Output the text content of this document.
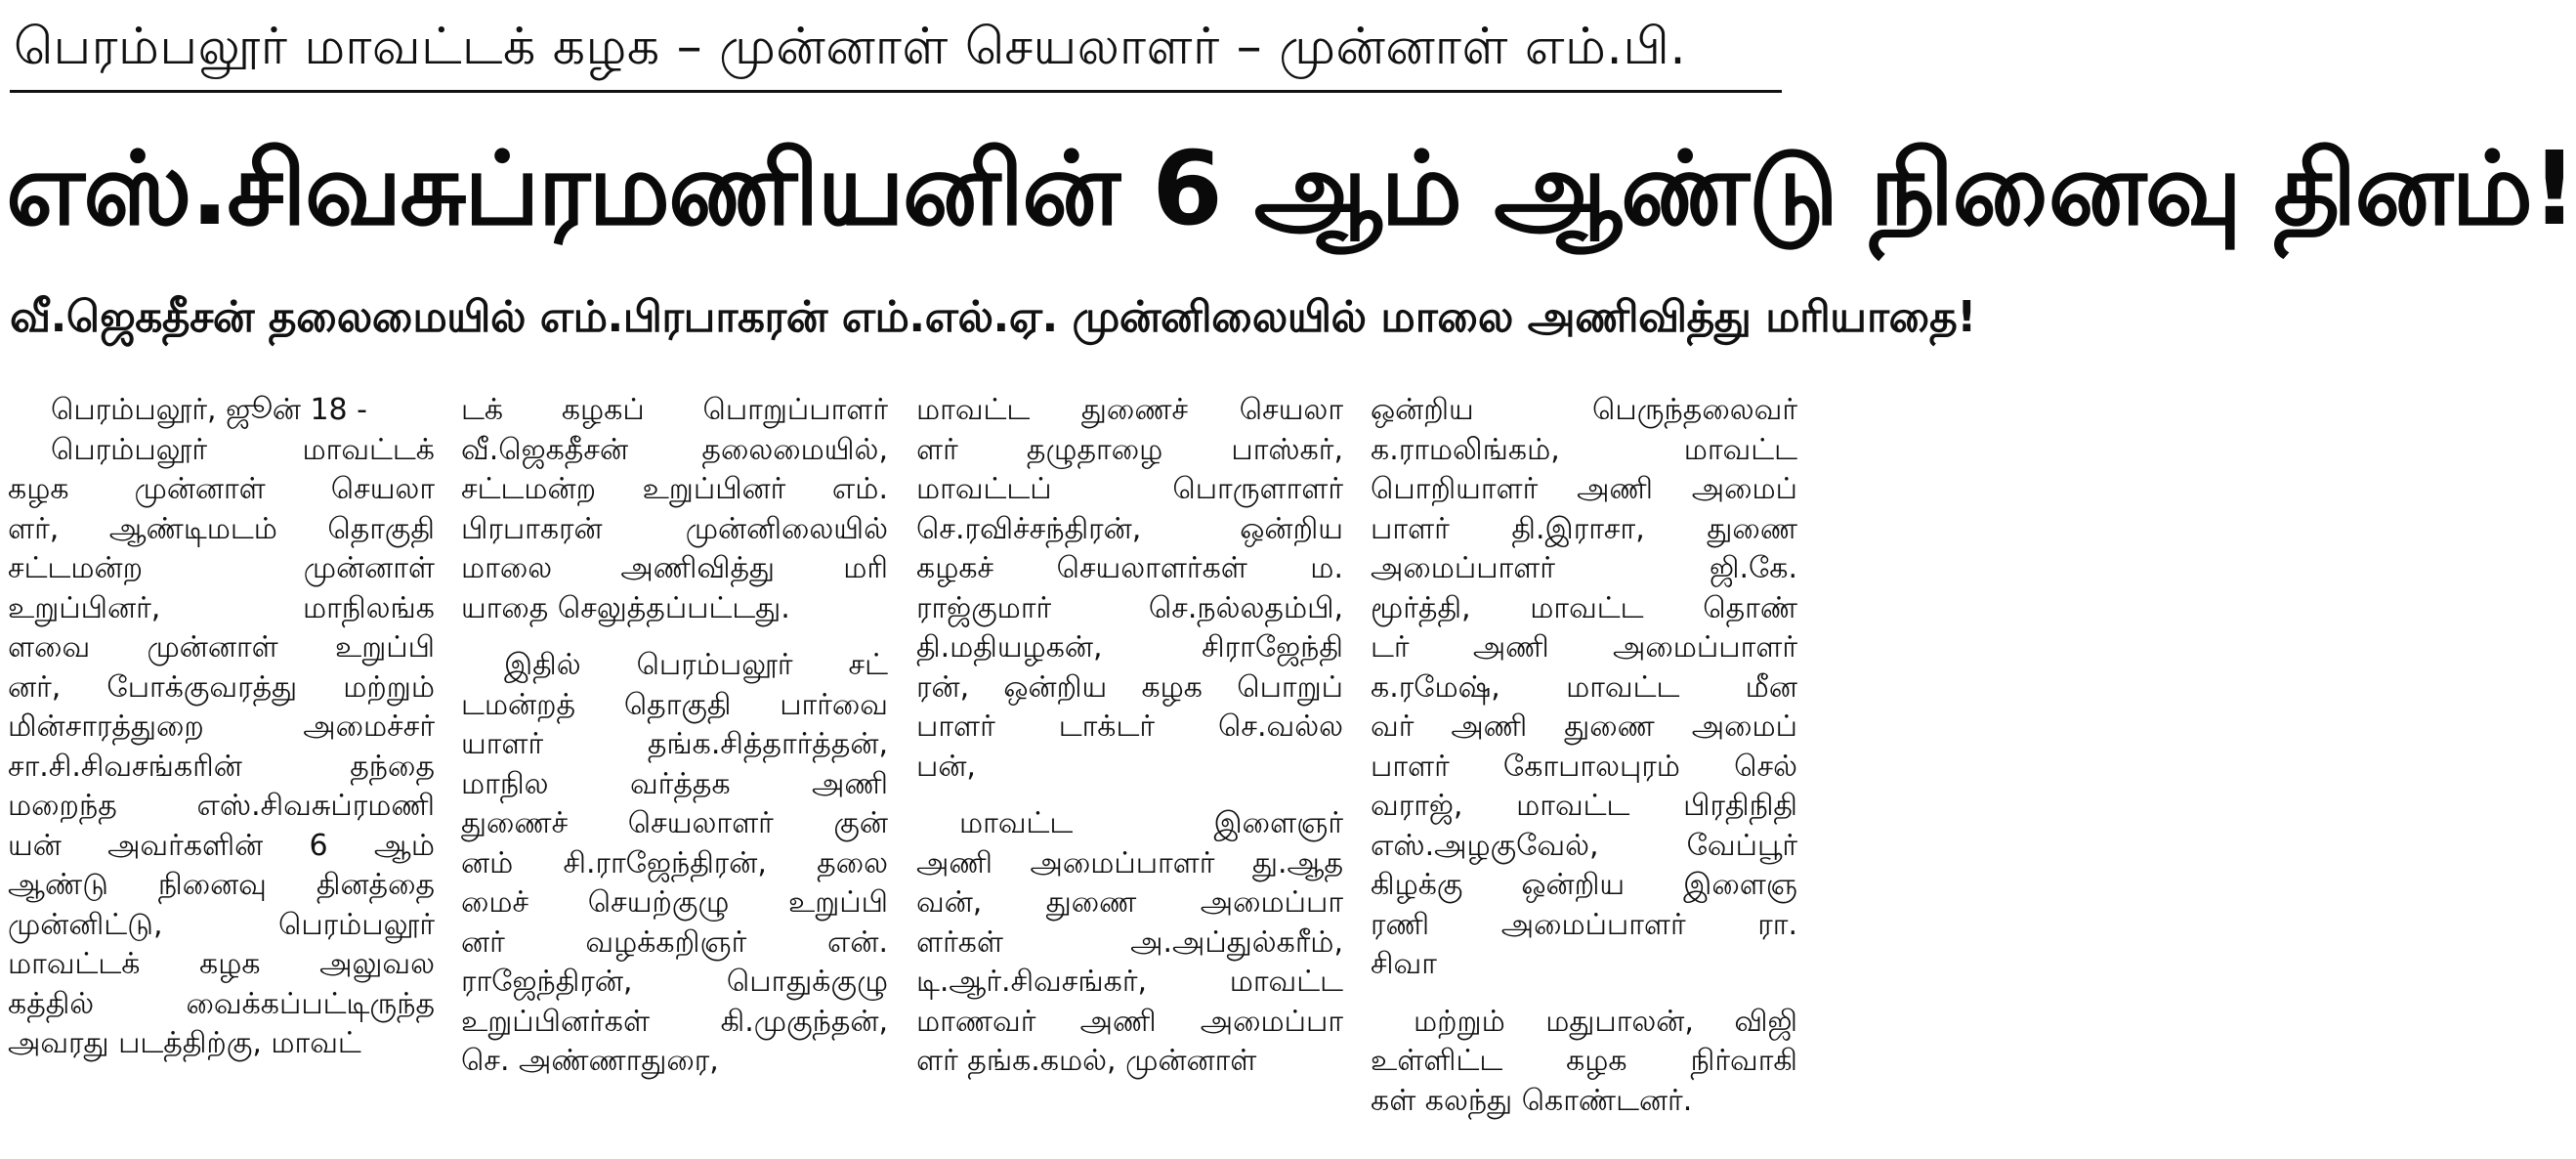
பெரம்பலூர் மாவட்டக் கழக – முன்னாள் செயலாளர் – முன்னாள் எம்.பி.
எஸ்.சிவசுப்ரமணியனின் 6 ஆம் ஆண்டு நினைவு தினம்!
வீ.ஜெகதீசன் தலைமையில் எம்.பிரபாகரன் எம்.எல்.ஏ. முன்னிலையில் மாலை அணிவித்து மரியாதை!
பெரம்பலூர், ஜூன் 18 -
பெரம்பலூர் மாவட்டக்
கழக முன்னாள் செயலா
ளர், ஆண்டிமடம் தொகுதி
சட்டமன்ற முன்னாள்
உறுப்பினர், மாநிலங்க
ளவை முன்னாள் உறுப்பி
னர், போக்குவரத்து மற்றும்
மின்சாரத்துறை அமைச்சர்
சா.சி.சிவசங்கரின் தந்தை
மறைந்த எஸ்.சிவசுப்ரமணி
யன் அவர்களின் 6 ஆம்
ஆண்டு நினைவு தினத்தை
முன்னிட்டு, பெரம்பலூர்
மாவட்டக் கழக அலுவல
கத்தில் வைக்கப்பட்டிருந்த
அவரது படத்திற்கு, மாவட்
டக் கழகப் பொறுப்பாளர்
வீ.ஜெகதீசன் தலைமையில்,
சட்டமன்ற உறுப்பினர் எம்.
பிரபாகரன் முன்னிலையில்
மாலை அணிவித்து மரி
யாதை செலுத்தப்பட்டது.
இதில் பெரம்பலூர் சட்
டமன்றத் தொகுதி பார்வை
யாளர் தங்க.சித்தார்த்தன்,
மாநில வர்த்தக அணி
துணைச் செயலாளர் குன்
னம் சி.ராஜேந்திரன், தலை
மைச் செயற்குழு உறுப்பி
னர் வழக்கறிஞர் என்.
ராஜேந்திரன், பொதுக்குழு
உறுப்பினர்கள் கி.முகுந்தன்,
செ. அண்ணாதுரை,
மாவட்ட துணைச் செயலா
ளர் தழுதாழை பாஸ்கர்,
மாவட்டப் பொருளாளர்
செ.ரவிச்சந்திரன், ஒன்றிய
கழகச் செயலாளர்கள் ம.
ராஜ்குமார் செ.நல்லதம்பி,
தி.மதியழகன், சிராஜேந்தி
ரன், ஒன்றிய கழக பொறுப்
பாளர் டாக்டர் செ.வல்ல
பன்,
மாவட்ட இளைஞர்
அணி அமைப்பாளர் து.ஆத
வன், துணை அமைப்பா
ளர்கள் அ.அப்துல்கரீம்,
டி.ஆர்.சிவசங்கர், மாவட்ட
மாணவர் அணி அமைப்பா
ளர் தங்க.கமல், முன்னாள்
ஒன்றிய பெருந்தலைவர்
க.ராமலிங்கம், மாவட்ட
பொறியாளர் அணி அமைப்
பாளர் தி.இராசா, துணை
அமைப்பாளர் ஜி.கே.
மூர்த்தி, மாவட்ட தொண்
டர் அணி அமைப்பாளர்
க.ரமேஷ், மாவட்ட மீன
வர் அணி துணை அமைப்
பாளர் கோபாலபுரம் செல்
வராஜ், மாவட்ட பிரதிநிதி
எஸ்.அழகுவேல், வேப்பூர்
கிழக்கு ஒன்றிய இளைஞ
ரணி அமைப்பாளர் ரா.
சிவா
மற்றும் மதுபாலன், விஜி
உள்ளிட்ட கழக நிர்வாகி
கள் கலந்து கொண்டனர்.
